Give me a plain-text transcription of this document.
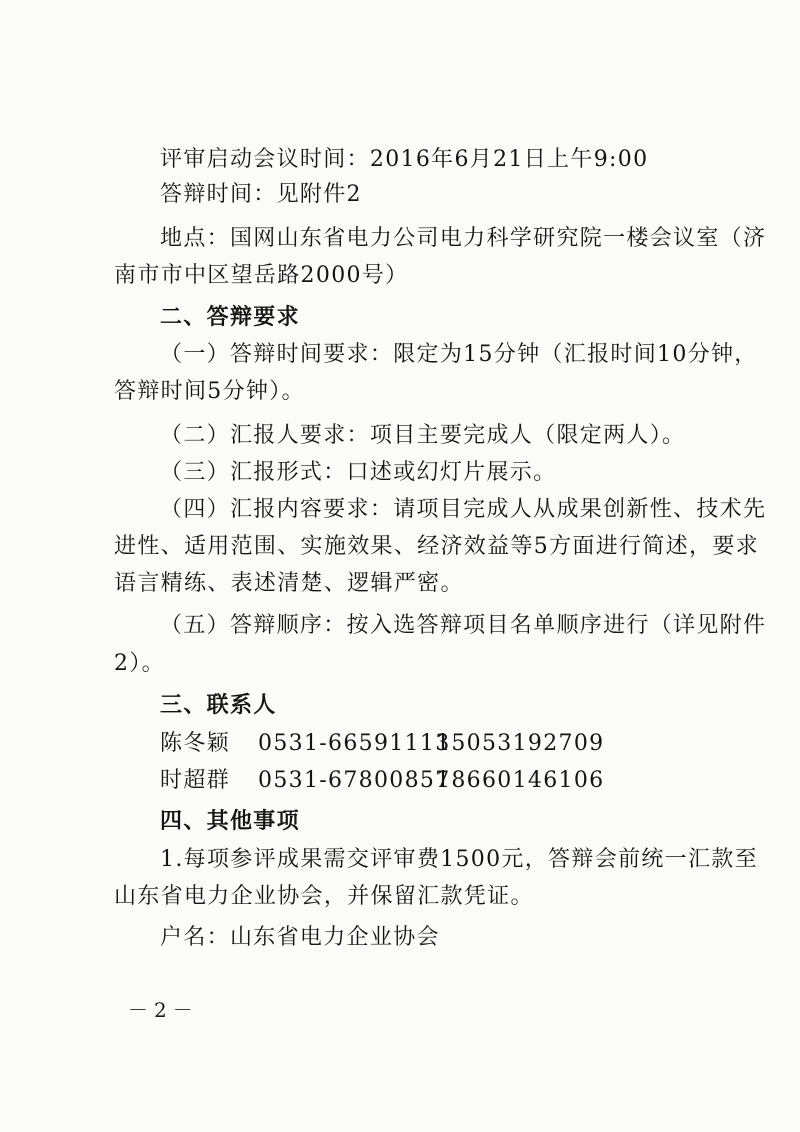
评审启动会议时间：2016年6月21日上午9:00

答辩时间：见附件2

地点：国网山东省电力公司电力科学研究院一楼会议室（济

南市市中区望岳路2000号）

二、答辩要求

（一）答辩时间要求：限定为15分钟（汇报时间10分钟，

答辩时间5分钟）。

（二）汇报人要求：项目主要完成人（限定两人）。

（三）汇报形式：口述或幻灯片展示。

（四）汇报内容要求：请项目完成人从成果创新性、技术先

进性、适用范围、实施效果、经济效益等5方面进行简述，要求

语言精练、表述清楚、逻辑严密。

（五）答辩顺序：按入选答辩项目名单顺序进行（详见附件

2）。

三、联系人

陈冬颖 0531-6659111315053192709

时超群 0531-6780085718660146106

四、其他事项

1.每项参评成果需交评审费1500元，答辩会前统一汇款至

山东省电力企业协会，并保留汇款凭证。

户名：山东省电力企业协会

－2－
